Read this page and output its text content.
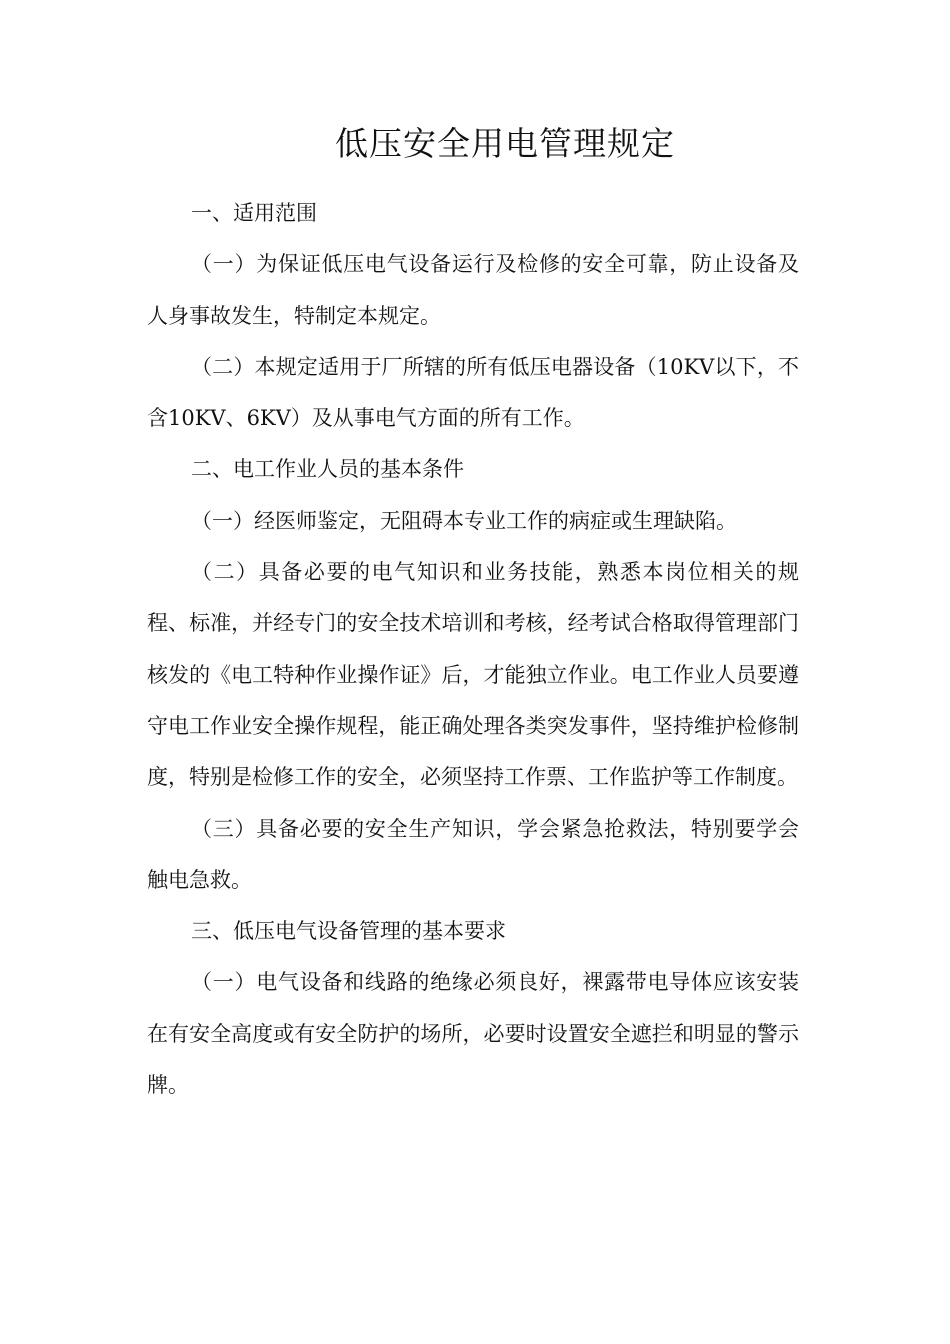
低压安全用电管理规定

一、适用范围

（一）为保证低压电气设备运行及检修的安全可靠，防止设备及人身事故发生，特制定本规定。

（二）本规定适用于厂所辖的所有低压电器设备（10KV以下，不含10KV、6KV）及从事电气方面的所有工作。

二、电工作业人员的基本条件

（一）经医师鉴定，无阻碍本专业工作的病症或生理缺陷。

（二）具备必要的电气知识和业务技能，熟悉本岗位相关的规程、标准，并经专门的安全技术培训和考核，经考试合格取得管理部门核发的《电工特种作业操作证》后，才能独立作业。电工作业人员要遵守电工作业安全操作规程，能正确处理各类突发事件，坚持维护检修制度，特别是检修工作的安全，必须坚持工作票、工作监护等工作制度。

（三）具备必要的安全生产知识，学会紧急抢救法，特别要学会触电急救。

三、低压电气设备管理的基本要求

（一）电气设备和线路的绝缘必须良好，裸露带电导体应该安装在有安全高度或有安全防护的场所，必要时设置安全遮拦和明显的警示牌。
